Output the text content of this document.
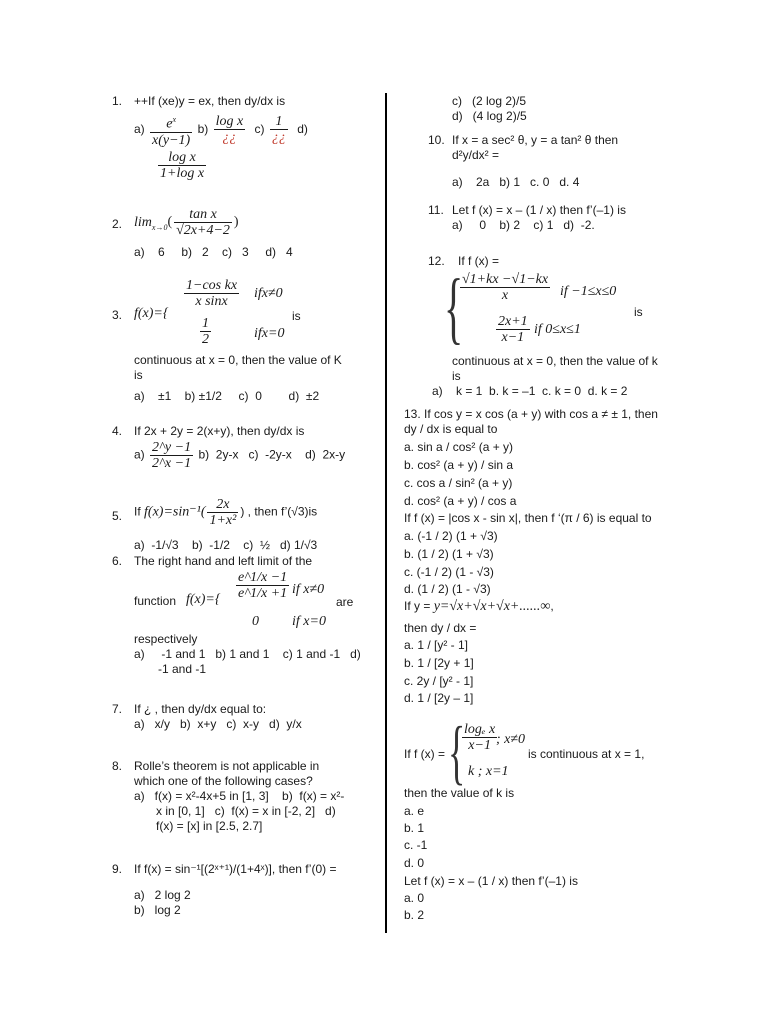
1. ++If (xe)y = ex, then dy/dx is
$a) \frac{e^x}{x(y-1)} b) \frac{\text{log x}}{¿¿} c) \frac{1}{¿¿} d$)
$\frac{\text{log x}}{\text{1+log x}}$
2. $\lim_{x\to 0}( \frac{\text{tan x}}{√2x+4-2}$ )
a)    6     b)   2    c)   3     d)   4
3. f(x)={
$\frac{\text{1−cos kx}}{\text{x sinx}} ifx\ne 0$
is
$\frac{1}{2}$	ifx=0
continuous at x = 0, then the value of K
is
a)    ±1    b) ±1/2     c)  0        d)  ±2
4. If 2x + 2y = 2(x+y), then dy/dx is
$a) \frac{2\^{}y -1}{2\^{}x -1} b$)  2y-x   c)  -2y-x    d)  2x-y
5. If $f(x)=\sin^{-1}( \frac{2x}{\text{1+x²}}$ ) , then f’(√3)is
a)  -1/√3    b)  -1/2    c)  ½   d) 1/√3
6. The right hand and left limit of the
function $f(x)=\{ \frac{e\^{}1/x -1}{e\^{}1/x +1}$ if x≠0
are
0 if x=0
respectively
a)     -1 and 1   b) 1 and 1    c) 1 and -1   d)
-1 and -1
7. If ¿ , then dy/dx equal to:
a)   x/y   b)  x+y   c)  x-y   d)  y/x
8. Rolle’s theorem is not applicable in
which one of the following cases?
a)   f(x) = x²-4x+5 in [1, 3]    b)  f(x) = x²-
x in [0, 1]   c)  f(x) = x in [-2, 2]   d)
f(x) = [x] in [2.5, 2.7]
9. If f(x) = sin⁻¹[(2ˣ⁺¹)/(1+4ˣ)], then f’(0) =
a)   2 log 2
b)   log 2
c)   (2 log 2)/5
d)   (4 log 2)/5
10. If x = a sec² θ, y = a tan² θ then
d²y/dx² =
a)    2a   b) 1   c. 0   d. 4
11. Let f (x) = x – (1 / x) then f’(–1) is
a)     0    b) 2    c) 1   d)  -2.
12. If f (x) =
{
$\frac{√1+kx -√1-kx}{x}$ if −1≤x≤0
is
$\frac{2x+1}{x-1}$ if 0≤x≤1
continuous at x = 0, then the value of k
is
a)    k = 1  b. k = –1  c. k = 0  d. k = 2
13. If cos y = x cos (a + y) with cos a ≠ ± 1, then
dy / dx is equal to
a. sin a / cos² (a + y)
b. cos² (a + y) / sin a
c. cos a / sin² (a + y)
d. cos² (a + y) / cos a
If f (x) = |cos x - sin x|, then f ‘(π / 6) is equal to
a. (-1 / 2) (1 + √3)
b. (1 / 2) (1 + √3)
c. (-1 / 2) (1 - √3)
d. (1 / 2) (1 - √3)
If y = y=√x+√x+√x+......∞,
then dy / dx =
a. 1 / [y² - 1]
b. 1 / [2y + 1]
c. 2y / [y² - 1]
d. 1 / [2y – 1]
If f (x) = {
$\frac{\text{logₑ x}}{x-1}$
; x≠0
is continuous at x = 1,
k ; x=1
then the value of k is
a. e
b. 1
c. -1
d. 0
Let f (x) = x – (1 / x) then f’(–1) is
a. 0
b. 2
